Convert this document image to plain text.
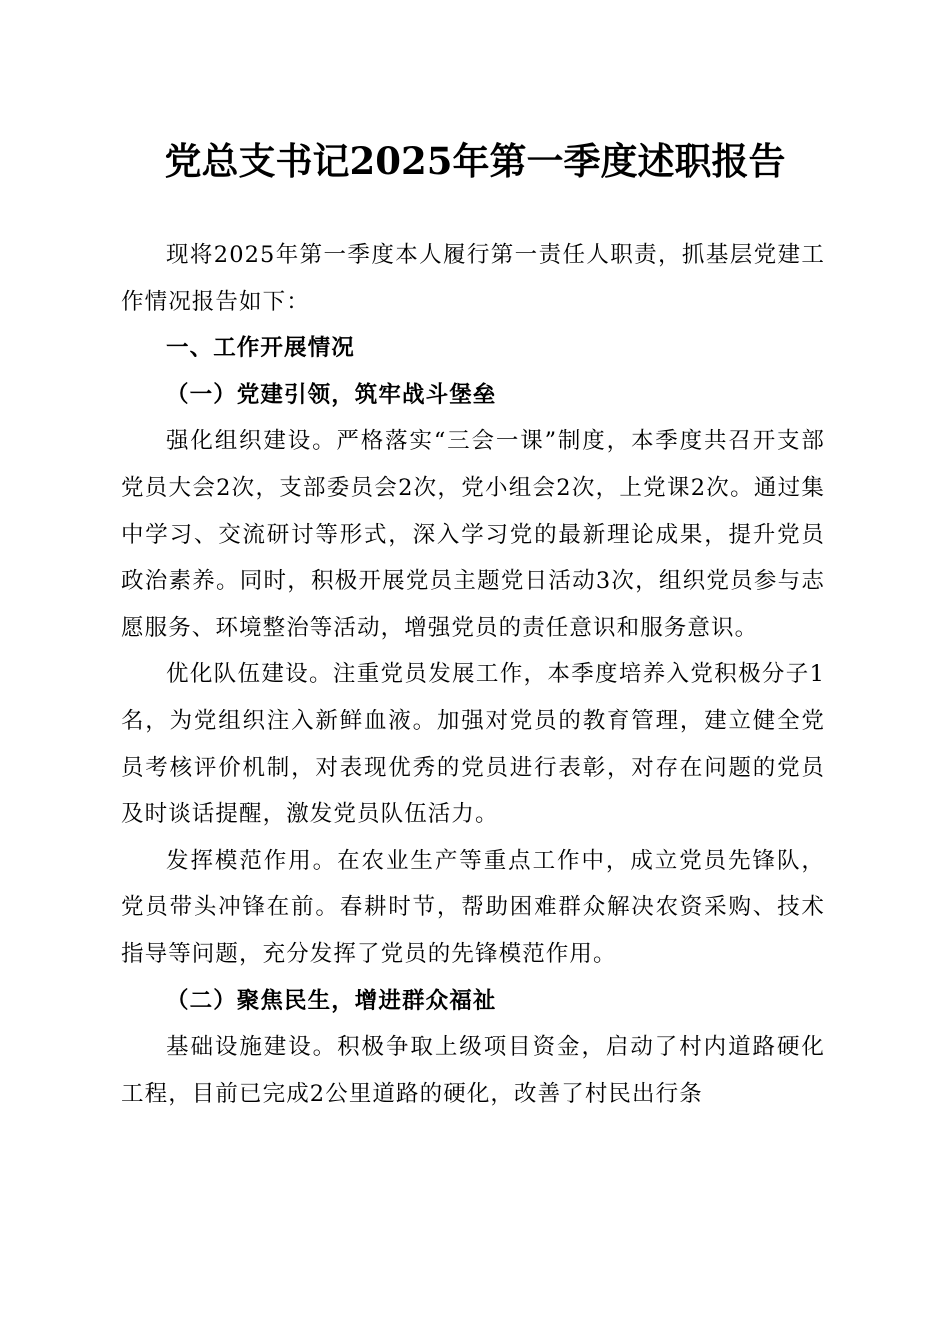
党总支书记2025年第一季度述职报告

现将2025年第一季度本人履行第一责任人职责，抓基层党建工作情况报告如下：

一、工作开展情况

（一）党建引领，筑牢战斗堡垒

强化组织建设。严格落实“三会一课”制度，本季度共召开支部党员大会2次，支部委员会2次，党小组会2次，上党课2次。通过集中学习、交流研讨等形式，深入学习党的最新理论成果，提升党员政治素养。同时，积极开展党员主题党日活动3次，组织党员参与志愿服务、环境整治等活动，增强党员的责任意识和服务意识。

优化队伍建设。注重党员发展工作，本季度培养入党积极分子1名，为党组织注入新鲜血液。加强对党员的教育管理，建立健全党员考核评价机制，对表现优秀的党员进行表彰，对存在问题的党员及时谈话提醒，激发党员队伍活力。

发挥模范作用。在农业生产等重点工作中，成立党员先锋队，党员带头冲锋在前。春耕时节，帮助困难群众解决农资采购、技术指导等问题，充分发挥了党员的先锋模范作用。

（二）聚焦民生，增进群众福祉

基础设施建设。积极争取上级项目资金，启动了村内道路硬化工程，目前已完成2公里道路的硬化，改善了村民出行条
